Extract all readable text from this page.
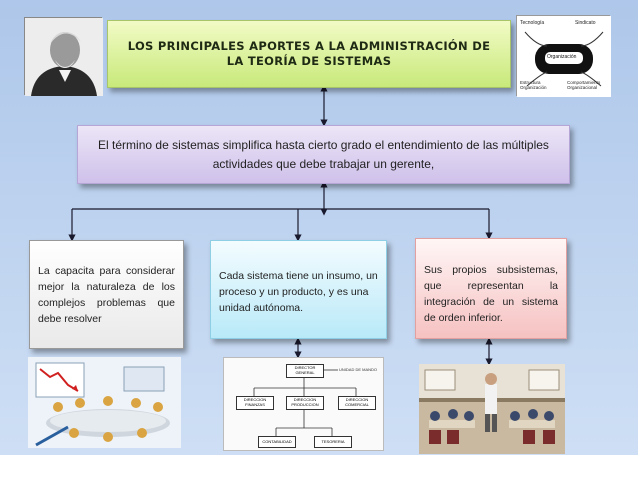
LOS PRINCIPALES APORTES A LA ADMINISTRACIÓN DE LA TEORÍA DE SISTEMAS
Tecnología	Sindicato
Organización
Estructura Organización
Comportamiento Organizacional
El término de sistemas simplifica hasta cierto grado el entendimiento de las múltiples actividades que debe trabajar un gerente,
La capacita para considerar mejor la naturaleza de los complejos problemas que debe resolver
Cada sistema tiene un insumo, un proceso y un producto, y es una unidad autónoma.
Sus propios subsistemas, que representan la integración de un sistema de orden inferior.
DIRECTOR GENERAL
UNIDAD DE MANDO
DIRECCION FINANZAS
DIRECCION PRODUCCION
DIRECCION COMERCIAL
CONTABILIDAD	TESORERIA
